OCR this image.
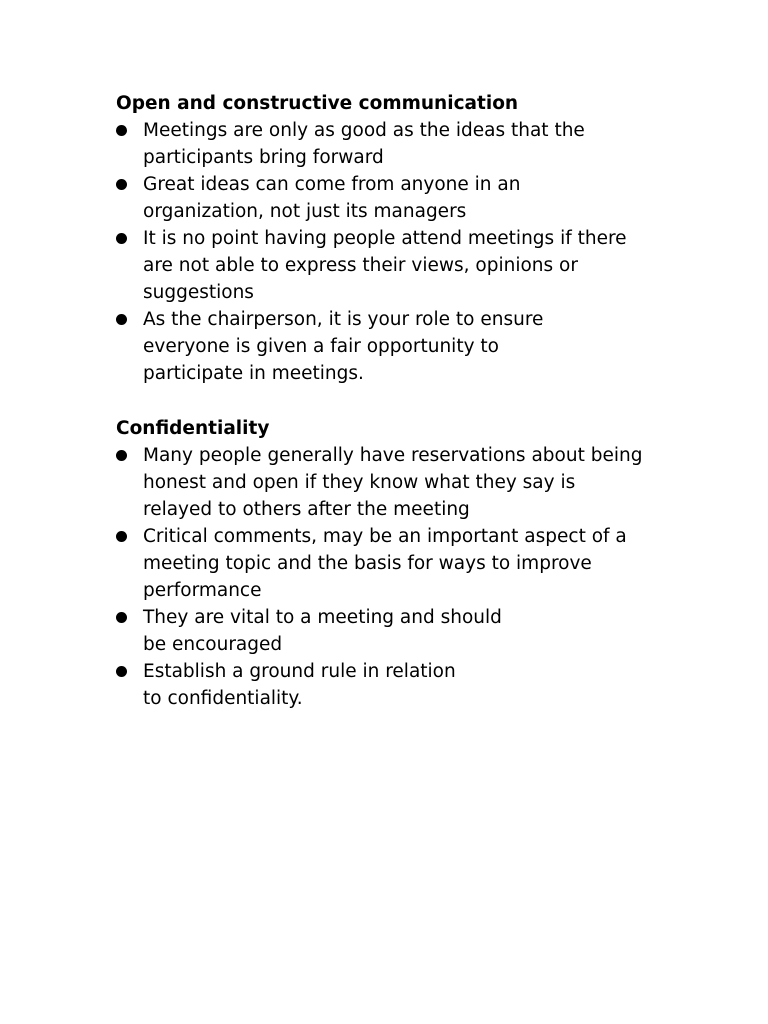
Open and constructive communication
Meetings are only as good as the ideas that the
participants bring forward
Great ideas can come from anyone in an
organization, not just its managers
It is no point having people attend meetings if there
are not able to express their views, opinions or
suggestions
As the chairperson, it is your role to ensure
everyone is given a fair opportunity to
participate in meetings.
Confidentiality
Many people generally have reservations about being
honest and open if they know what they say is
relayed to others after the meeting
Critical comments, may be an important aspect of a
meeting topic and the basis for ways to improve
performance
They are vital to a meeting and should
be encouraged
Establish a ground rule in relation
to confidentiality.
